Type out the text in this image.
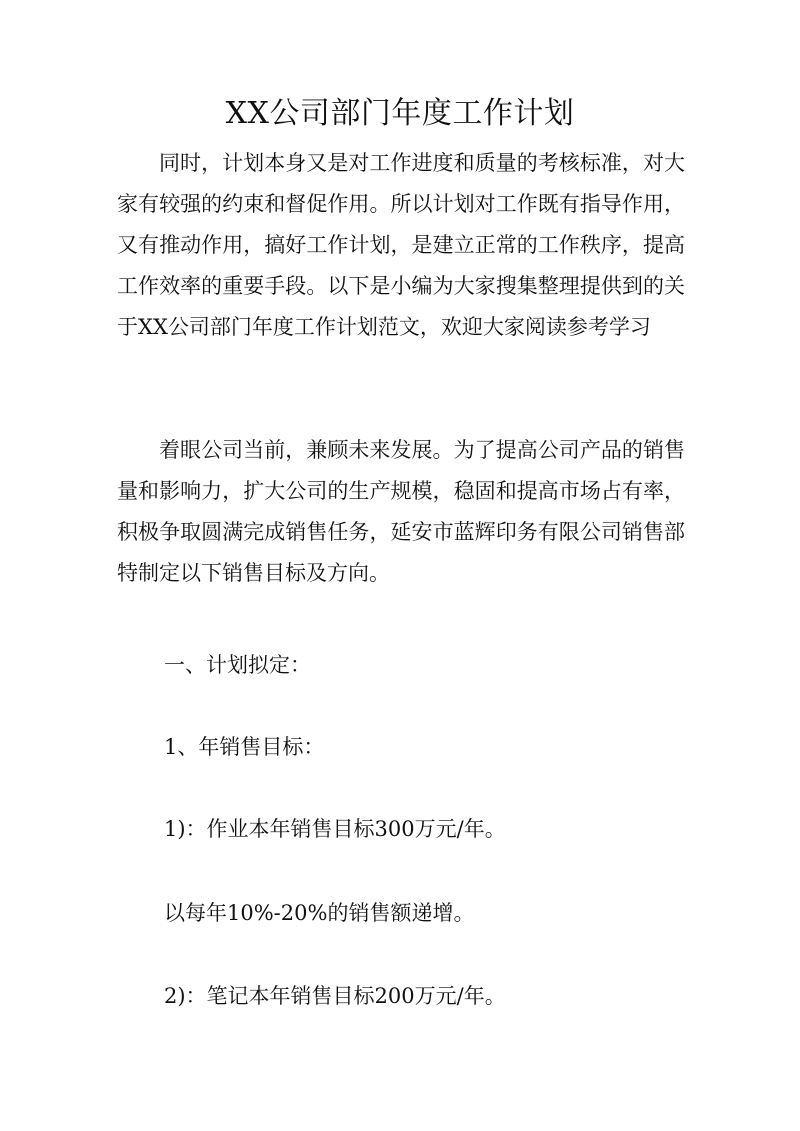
XX公司部门年度工作计划

同时，计划本身又是对工作进度和质量的考核标准，对大家有较强的约束和督促作用。所以计划对工作既有指导作用，又有推动作用，搞好工作计划，是建立正常的工作秩序，提高工作效率的重要手段。以下是小编为大家搜集整理提供到的关于XX公司部门年度工作计划范文，欢迎大家阅读参考学习

着眼公司当前，兼顾未来发展。为了提高公司产品的销售量和影响力，扩大公司的生产规模，稳固和提高市场占有率，积极争取圆满完成销售任务，延安市蓝辉印务有限公司销售部特制定以下销售目标及方向。

一、计划拟定：

1、年销售目标：

1)：作业本年销售目标300万元/年。

以每年10%-20%的销售额递增。

2)：笔记本年销售目标200万元/年。
